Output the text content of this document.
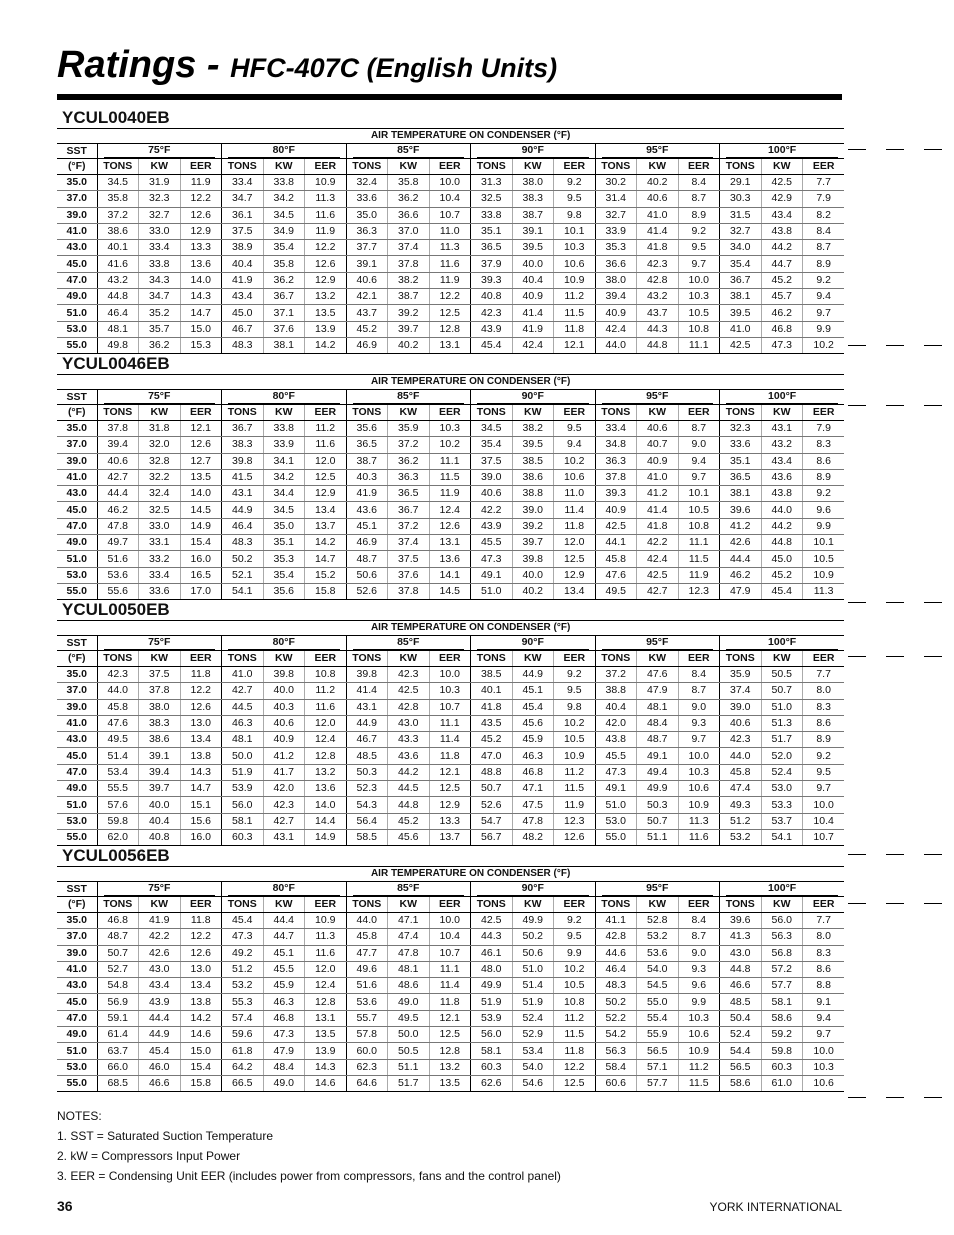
Ratings - HFC-407C (English Units)
YCUL0040EB
	AIR TEMPERATURE ON CONDENSER (°F)																	
SST	75°F			80°F			85°F			90°F			95°F			100°F		

(°F)	TONS	KW	EER	TONS	KW	EER	TONS	KW	EER	TONS	KW	EER	TONS	KW	EER	TONS	KW	EER
35.0	34.5	31.9	11.9	33.4	33.8	10.9	32.4	35.8	10.0	31.3	38.0	9.2	30.2	40.2	8.4	29.1	42.5	7.7
37.0	35.8	32.3	12.2	34.7	34.2	11.3	33.6	36.2	10.4	32.5	38.3	9.5	31.4	40.6	8.7	30.3	42.9	7.9
39.0	37.2	32.7	12.6	36.1	34.5	11.6	35.0	36.6	10.7	33.8	38.7	9.8	32.7	41.0	8.9	31.5	43.4	8.2
41.0	38.6	33.0	12.9	37.5	34.9	11.9	36.3	37.0	11.0	35.1	39.1	10.1	33.9	41.4	9.2	32.7	43.8	8.4
43.0	40.1	33.4	13.3	38.9	35.4	12.2	37.7	37.4	11.3	36.5	39.5	10.3	35.3	41.8	9.5	34.0	44.2	8.7
45.0	41.6	33.8	13.6	40.4	35.8	12.6	39.1	37.8	11.6	37.9	40.0	10.6	36.6	42.3	9.7	35.4	44.7	8.9
47.0	43.2	34.3	14.0	41.9	36.2	12.9	40.6	38.2	11.9	39.3	40.4	10.9	38.0	42.8	10.0	36.7	45.2	9.2
49.0	44.8	34.7	14.3	43.4	36.7	13.2	42.1	38.7	12.2	40.8	40.9	11.2	39.4	43.2	10.3	38.1	45.7	9.4
51.0	46.4	35.2	14.7	45.0	37.1	13.5	43.7	39.2	12.5	42.3	41.4	11.5	40.9	43.7	10.5	39.5	46.2	9.7
53.0	48.1	35.7	15.0	46.7	37.6	13.9	45.2	39.7	12.8	43.9	41.9	11.8	42.4	44.3	10.8	41.0	46.8	9.9
55.0	49.8	36.2	15.3	48.3	38.1	14.2	46.9	40.2	13.1	45.4	42.4	12.1	44.0	44.8	11.1	42.5	47.3	10.2
YCUL0046EB
	AIR TEMPERATURE ON CONDENSER (°F)																	
SST	75°F			80°F			85°F			90°F			95°F			100°F		

(°F)	TONS	KW	EER	TONS	KW	EER	TONS	KW	EER	TONS	KW	EER	TONS	KW	EER	TONS	KW	EER
35.0	37.8	31.8	12.1	36.7	33.8	11.2	35.6	35.9	10.3	34.5	38.2	9.5	33.4	40.6	8.7	32.3	43.1	7.9
37.0	39.4	32.0	12.6	38.3	33.9	11.6	36.5	37.2	10.2	35.4	39.5	9.4	34.8	40.7	9.0	33.6	43.2	8.3
39.0	40.6	32.8	12.7	39.8	34.1	12.0	38.7	36.2	11.1	37.5	38.5	10.2	36.3	40.9	9.4	35.1	43.4	8.6
41.0	42.7	32.2	13.5	41.5	34.2	12.5	40.3	36.3	11.5	39.0	38.6	10.6	37.8	41.0	9.7	36.5	43.6	8.9
43.0	44.4	32.4	14.0	43.1	34.4	12.9	41.9	36.5	11.9	40.6	38.8	11.0	39.3	41.2	10.1	38.1	43.8	9.2
45.0	46.2	32.5	14.5	44.9	34.5	13.4	43.6	36.7	12.4	42.2	39.0	11.4	40.9	41.4	10.5	39.6	44.0	9.6
47.0	47.8	33.0	14.9	46.4	35.0	13.7	45.1	37.2	12.6	43.9	39.2	11.8	42.5	41.8	10.8	41.2	44.2	9.9
49.0	49.7	33.1	15.4	48.3	35.1	14.2	46.9	37.4	13.1	45.5	39.7	12.0	44.1	42.2	11.1	42.6	44.8	10.1
51.0	51.6	33.2	16.0	50.2	35.3	14.7	48.7	37.5	13.6	47.3	39.8	12.5	45.8	42.4	11.5	44.4	45.0	10.5
53.0	53.6	33.4	16.5	52.1	35.4	15.2	50.6	37.6	14.1	49.1	40.0	12.9	47.6	42.5	11.9	46.2	45.2	10.9
55.0	55.6	33.6	17.0	54.1	35.6	15.8	52.6	37.8	14.5	51.0	40.2	13.4	49.5	42.7	12.3	47.9	45.4	11.3
YCUL0050EB
	AIR TEMPERATURE ON CONDENSER (°F)																	
SST	75°F			80°F			85°F			90°F			95°F			100°F		

(°F)	TONS	KW	EER	TONS	KW	EER	TONS	KW	EER	TONS	KW	EER	TONS	KW	EER	TONS	KW	EER
35.0	42.3	37.5	11.8	41.0	39.8	10.8	39.8	42.3	10.0	38.5	44.9	9.2	37.2	47.6	8.4	35.9	50.5	7.7
37.0	44.0	37.8	12.2	42.7	40.0	11.2	41.4	42.5	10.3	40.1	45.1	9.5	38.8	47.9	8.7	37.4	50.7	8.0
39.0	45.8	38.0	12.6	44.5	40.3	11.6	43.1	42.8	10.7	41.8	45.4	9.8	40.4	48.1	9.0	39.0	51.0	8.3
41.0	47.6	38.3	13.0	46.3	40.6	12.0	44.9	43.0	11.1	43.5	45.6	10.2	42.0	48.4	9.3	40.6	51.3	8.6
43.0	49.5	38.6	13.4	48.1	40.9	12.4	46.7	43.3	11.4	45.2	45.9	10.5	43.8	48.7	9.7	42.3	51.7	8.9
45.0	51.4	39.1	13.8	50.0	41.2	12.8	48.5	43.6	11.8	47.0	46.3	10.9	45.5	49.1	10.0	44.0	52.0	9.2
47.0	53.4	39.4	14.3	51.9	41.7	13.2	50.3	44.2	12.1	48.8	46.8	11.2	47.3	49.4	10.3	45.8	52.4	9.5
49.0	55.5	39.7	14.7	53.9	42.0	13.6	52.3	44.5	12.5	50.7	47.1	11.5	49.1	49.9	10.6	47.4	53.0	9.7
51.0	57.6	40.0	15.1	56.0	42.3	14.0	54.3	44.8	12.9	52.6	47.5	11.9	51.0	50.3	10.9	49.3	53.3	10.0
53.0	59.8	40.4	15.6	58.1	42.7	14.4	56.4	45.2	13.3	54.7	47.8	12.3	53.0	50.7	11.3	51.2	53.7	10.4
55.0	62.0	40.8	16.0	60.3	43.1	14.9	58.5	45.6	13.7	56.7	48.2	12.6	55.0	51.1	11.6	53.2	54.1	10.7
YCUL0056EB
	AIR TEMPERATURE ON CONDENSER (°F)																	
SST	75°F			80°F			85°F			90°F			95°F			100°F		

(°F)	TONS	KW	EER	TONS	KW	EER	TONS	KW	EER	TONS	KW	EER	TONS	KW	EER	TONS	KW	EER
35.0	46.8	41.9	11.8	45.4	44.4	10.9	44.0	47.1	10.0	42.5	49.9	9.2	41.1	52.8	8.4	39.6	56.0	7.7
37.0	48.7	42.2	12.2	47.3	44.7	11.3	45.8	47.4	10.4	44.3	50.2	9.5	42.8	53.2	8.7	41.3	56.3	8.0
39.0	50.7	42.6	12.6	49.2	45.1	11.6	47.7	47.8	10.7	46.1	50.6	9.9	44.6	53.6	9.0	43.0	56.8	8.3
41.0	52.7	43.0	13.0	51.2	45.5	12.0	49.6	48.1	11.1	48.0	51.0	10.2	46.4	54.0	9.3	44.8	57.2	8.6
43.0	54.8	43.4	13.4	53.2	45.9	12.4	51.6	48.6	11.4	49.9	51.4	10.5	48.3	54.5	9.6	46.6	57.7	8.8
45.0	56.9	43.9	13.8	55.3	46.3	12.8	53.6	49.0	11.8	51.9	51.9	10.8	50.2	55.0	9.9	48.5	58.1	9.1
47.0	59.1	44.4	14.2	57.4	46.8	13.1	55.7	49.5	12.1	53.9	52.4	11.2	52.2	55.4	10.3	50.4	58.6	9.4
49.0	61.4	44.9	14.6	59.6	47.3	13.5	57.8	50.0	12.5	56.0	52.9	11.5	54.2	55.9	10.6	52.4	59.2	9.7
51.0	63.7	45.4	15.0	61.8	47.9	13.9	60.0	50.5	12.8	58.1	53.4	11.8	56.3	56.5	10.9	54.4	59.8	10.0
53.0	66.0	46.0	15.4	64.2	48.4	14.3	62.3	51.1	13.2	60.3	54.0	12.2	58.4	57.1	11.2	56.5	60.3	10.3
55.0	68.5	46.6	15.8	66.5	49.0	14.6	64.6	51.7	13.5	62.6	54.6	12.5	60.6	57.7	11.5	58.6	61.0	10.6
NOTES:
1. SST = Saturated Suction Temperature
2. kW = Compressors Input Power
3. EER = Condensing Unit EER (includes power from compressors, fans and the control panel)
36	YORK INTERNATIONAL
